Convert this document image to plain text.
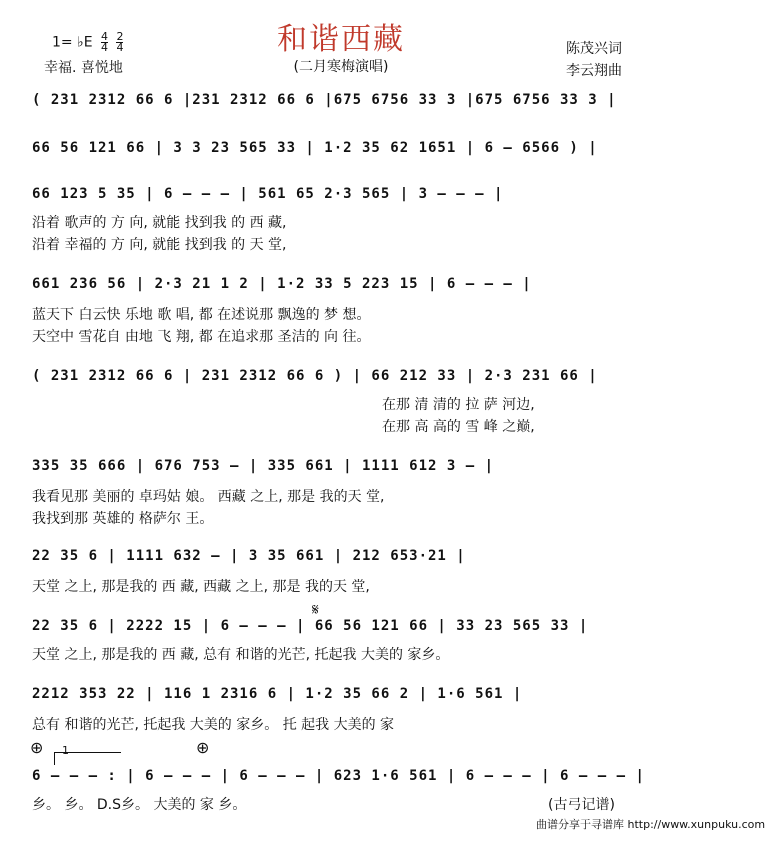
和谐西藏
(二月寒梅演唱)
1= ♭E $\frac{4}{4} \frac{2}{4}$
幸福. 喜悦地
陈茂兴词
李云翔曲
( 231 2312 66 6 |231 2312 66 6 |675 6756 33 3 |675 6756 33 3 |
66 56 121 66 | 3 3 23 565 33 | 1·2 35 62 1651 | 6 – 6566 ) |
66 123 5 35 | 6 – – – | 561 65 2·3 565 | 3 – – – |
沿着 歌声的 方 向, 就能 找到我 的 西 藏,
沿着 幸福的 方 向, 就能 找到我 的 天 堂,
661 236 56 | 2·3 21 1 2 | 1·2 33 5 223 15 | 6 – – – |
蓝天下 白云快 乐地 歌 唱, 都 在述说那 飘逸的 梦 想。
天空中 雪花自 由地 飞 翔, 都 在追求那 圣洁的 向 往。
( 231 2312 66 6 | 231 2312 66 6 ) | 66 212 33 | 2·3 231 66 |
在那 清 清的 拉 萨 河边,
在那 高 高的 雪 峰 之巅,
335 35 666 | 676 753 – | 335 661 | 1111 612 3 – |
我看见那 美丽的 卓玛姑 娘。 西藏 之上, 那是 我的天 堂,
我找到那 英雄的 格萨尔 王。
22 35 6 | 1111 632 – | 3 35 661 | 212 653·21 |
天堂 之上, 那是我的 西 藏, 西藏 之上, 那是 我的天 堂,
𝄋
22 35 6 | 2222 15 | 6 – – – | 66 56 121 66 | 33 23 565 33 |
天堂 之上, 那是我的 西 藏, 总有 和谐的光芒, 托起我 大美的 家乡。
2212 353 22 | 116 1 2316 6 | 1·2 35 66 2 | 1·6 561 |
总有 和谐的光芒, 托起我 大美的 家乡。 托 起我 大美的 家
⊕	⊕
1
6 – – – : | 6 – – – | 6 – – – | 623 1·6 561 | 6 – – – | 6 – – – |
乡。 乡。 D.S乡。 大美的 家 乡。	(古弓记谱)
曲谱分享于寻谱库 http://www.xunpuku.com
